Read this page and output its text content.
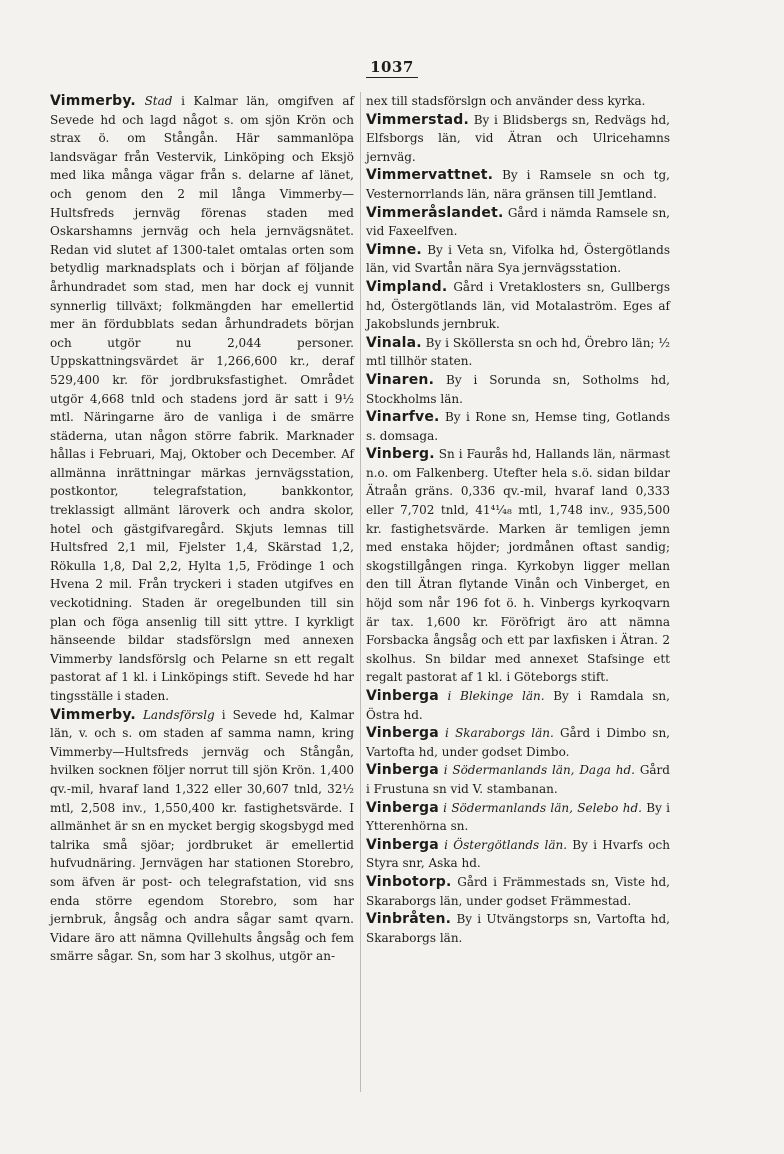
1037

Vimmerby. Stad i Kalmar län, omgifven af Sevede hd och lagd något s. om sjön Krön och strax ö. om Stångån. Här sammanlöpa landsvägar från Vestervik, Linköping och Eksjö med lika många vägar från s. delarne af länet, och genom den 2 mil långa Vimmerby—Hultsfreds jernväg förenas staden med Oskarshamns jernväg och hela jernvägsnätet. Redan vid slutet af 1300-talet omtalas orten som betydlig marknadsplats och i början af följande århundradet som stad, men har dock ej vunnit synnerlig tillväxt; folkmängden har emellertid mer än fördubblats sedan århundradets början och utgör nu 2,044 personer. Uppskattningsvärdet är 1,266,600 kr., deraf 529,400 kr. för jordbruksfastighet. Området utgör 4,668 tnld och stadens jord är satt i 9½ mtl. Näringarne äro de vanliga i de smärre städerna, utan någon större fabrik. Marknader hållas i Februari, Maj, Oktober och December. Af allmänna inrättningar märkas jernvägsstation, postkontor, telegrafstation, bankkontor, treklassigt allmänt läroverk och andra skolor, hotel och gästgifvaregård. Skjuts lemnas till Hultsfred 2,1 mil, Fjelster 1,4, Skärstad 1,2, Rökulla 1,8, Dal 2,2, Hylta 1,5, Frödinge 1 och Hvena 2 mil. Från tryckeri i staden utgifves en veckotidning. Staden är oregelbunden till sin plan och föga ansenlig till sitt yttre. I kyrkligt hänseende bildar stadsförslgn med annexen Vimmerby landsförslg och Pelarne sn ett regalt pastorat af 1 kl. i Linköpings stift. Sevede hd har tingsställe i staden.

Vimmerby. Landsförslg i Sevede hd, Kalmar län, v. och s. om staden af samma namn, kring Vimmerby—Hultsfreds jernväg och Stångån, hvilken socknen följer norrut till sjön Krön. 1,400 qv.-mil, hvaraf land 1,322 eller 30,607 tnld, 32½ mtl, 2,508 inv., 1,550,400 kr. fastighetsvärde. I allmänhet är sn en mycket bergig skogsbygd med talrika små sjöar; jordbruket är emellertid hufvudnäring. Jernvägen har stationen Storebro, som äfven är post- och telegrafstation, vid sns enda större egendom Storebro, som har jernbruk, ångsåg och andra sågar samt qvarn. Vidare äro att nämna Qvillehults ångsåg och fem smärre sågar. Sn, som har 3 skolhus, utgör an-

nex till stadsförslgn och använder dess kyrka.

Vimmerstad. By i Blidsbergs sn, Redvägs hd, Elfsborgs län, vid Ätran och Ulricehamns jernväg.

Vimmervattnet. By i Ramsele sn och tg, Vesternorrlands län, nära gränsen till Jemtland.

Vimmeråslandet. Gård i nämda Ramsele sn, vid Faxeelfven.

Vimne. By i Veta sn, Vifolka hd, Östergötlands län, vid Svartån nära Sya jernvägsstation.

Vimpland. Gård i Vretaklosters sn, Gullbergs hd, Östergötlands län, vid Motalaström. Eges af Jakobslunds jernbruk.

Vinala. By i Sköllersta sn och hd, Örebro län; ½ mtl tillhör staten.

Vinaren. By i Sorunda sn, Sotholms hd, Stockholms län.

Vinarfve. By i Rone sn, Hemse ting, Gotlands s. domsaga.

Vinberg. Sn i Faurås hd, Hallands län, närmast n.o. om Falkenberg. Utefter hela s.ö. sidan bildar Ätraån gräns. 0,336 qv.-mil, hvaraf land 0,333 eller 7,702 tnld, 41⁴¹⁄₄₈ mtl, 1,748 inv., 935,500 kr. fastighetsvärde. Marken är temligen jemn med enstaka höjder; jordmånen oftast sandig; skogstillgången ringa. Kyrkobyn ligger mellan den till Ätran flytande Vinån och Vinberget, en höjd som når 196 fot ö. h. Vinbergs kyrkoqvarn är tax. 1,600 kr. Föröfrigt äro att nämna Forsbacka ångsåg och ett par laxfisken i Ätran. 2 skolhus. Sn bildar med annexet Stafsinge ett regalt pastorat af 1 kl. i Göteborgs stift.

Vinberga i Blekinge län. By i Ramdala sn, Östra hd.

Vinberga i Skaraborgs län. Gård i Dimbo sn, Vartofta hd, under godset Dimbo.

Vinberga i Södermanlands län, Daga hd. Gård i Frustuna sn vid V. stambanan.

Vinberga i Södermanlands län, Selebo hd. By i Ytterenhörna sn.

Vinberga i Östergötlands län. By i Hvarfs och Styra snr, Aska hd.

Vinbotorp. Gård i Främmestads sn, Viste hd, Skaraborgs län, under godset Främmestad.

Vinbråten. By i Utvängstorps sn, Vartofta hd, Skaraborgs län.
